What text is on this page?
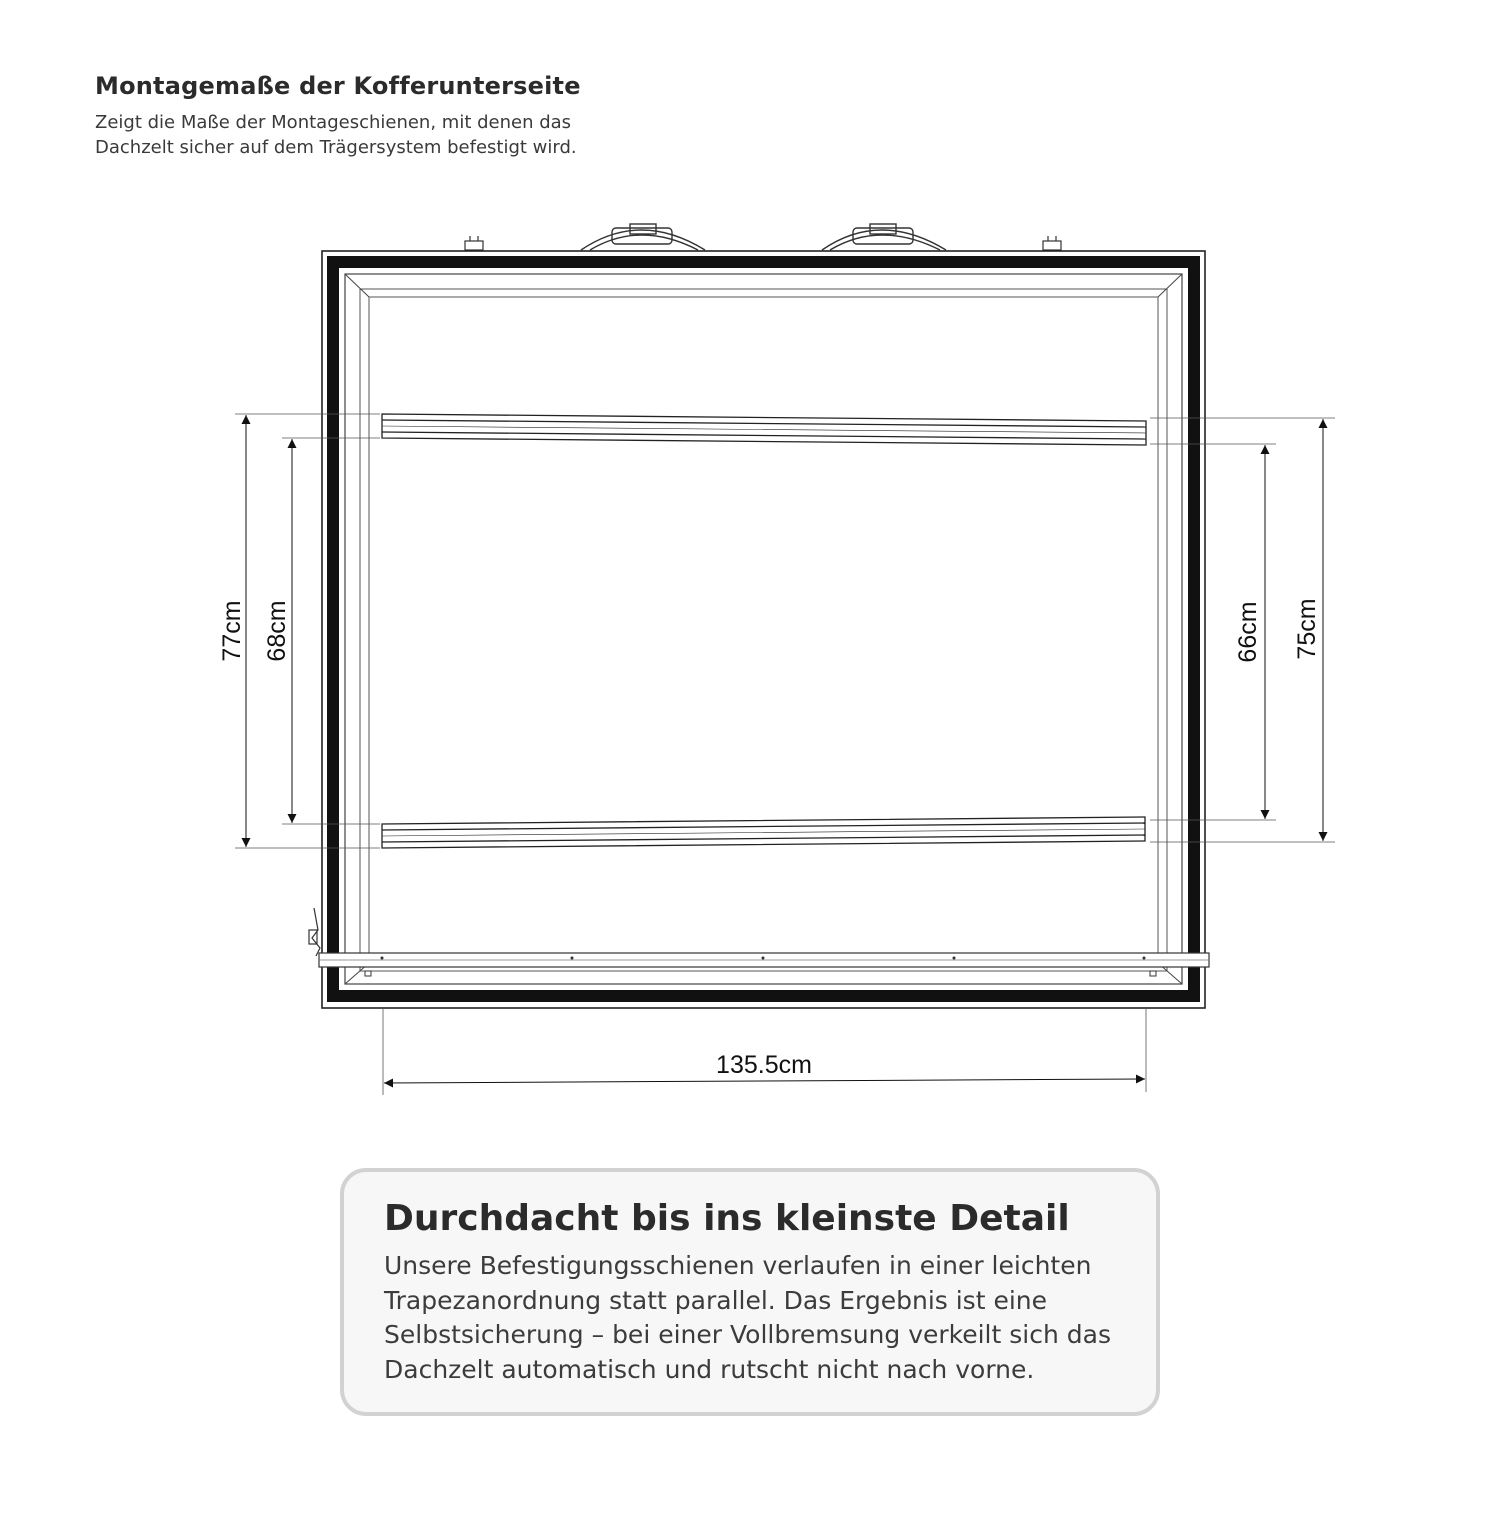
Montagemaße der Kofferunterseite

Zeigt die Maße der Montageschienen, mit denen das Dachzelt sicher auf dem Trägersystem befestigt wird.

77cm 68cm	66cm 75cm
135.5cm
Durchdacht bis ins kleinste Detail

Unsere Befestigungsschienen verlaufen in einer leichten Trapezanordnung statt parallel. Das Ergebnis ist eine Selbstsicherung – bei einer Vollbremsung verkeilt sich das Dachzelt automatisch und rutscht nicht nach vorne.
